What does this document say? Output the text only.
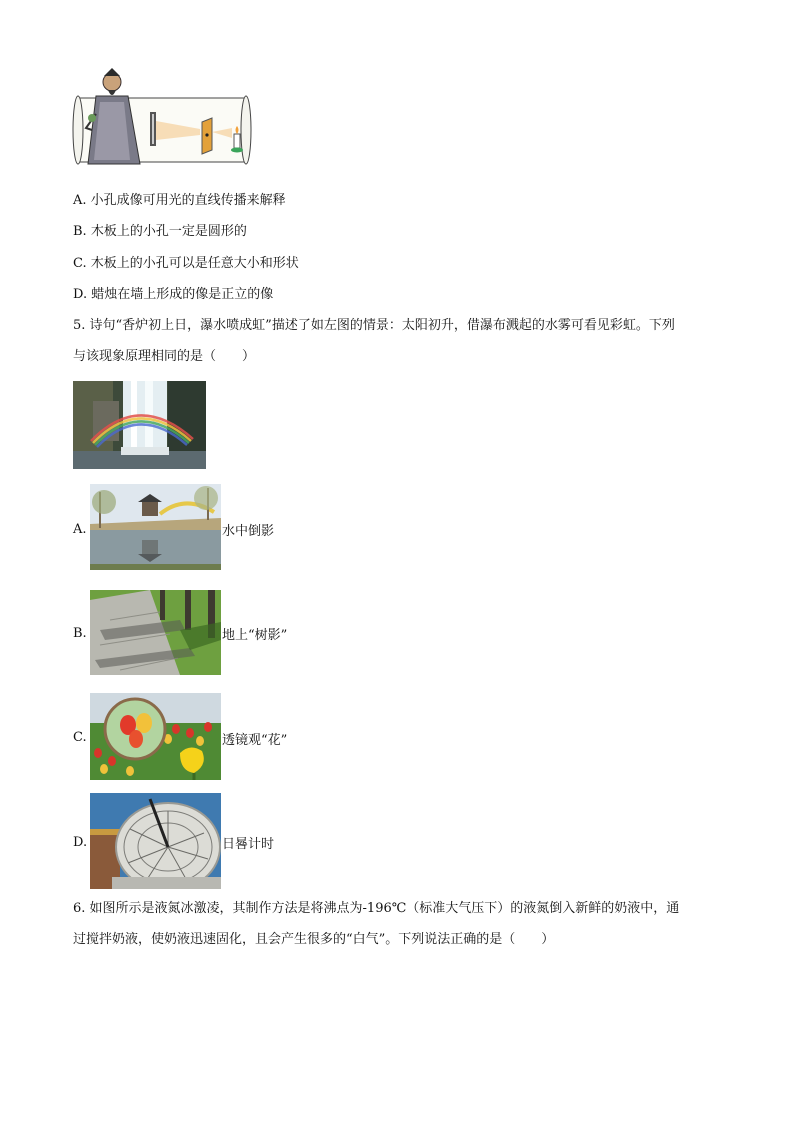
A. 小孔成像可用光的直线传播来解释
B. 木板上的小孔一定是圆形的
C. 木板上的小孔可以是任意大小和形状
D. 蜡烛在墙上形成的像是正立的像
5. 诗句“香炉初上日，瀑水喷成虹”描述了如左图的情景：太阳初升，借瀑布溅起的水雾可看见彩虹。下列
与该现象原理相同的是（　　）
A.	水中倒影
B.	地上“树影”
C.	透镜观“花”
D.	日晷计时
6. 如图所示是液氮冰激凌，其制作方法是将沸点为-196℃（标准大气压下）的液氮倒入新鲜的奶液中，通
过搅拌奶液，使奶液迅速固化，且会产生很多的“白气”。下列说法正确的是（　　）
